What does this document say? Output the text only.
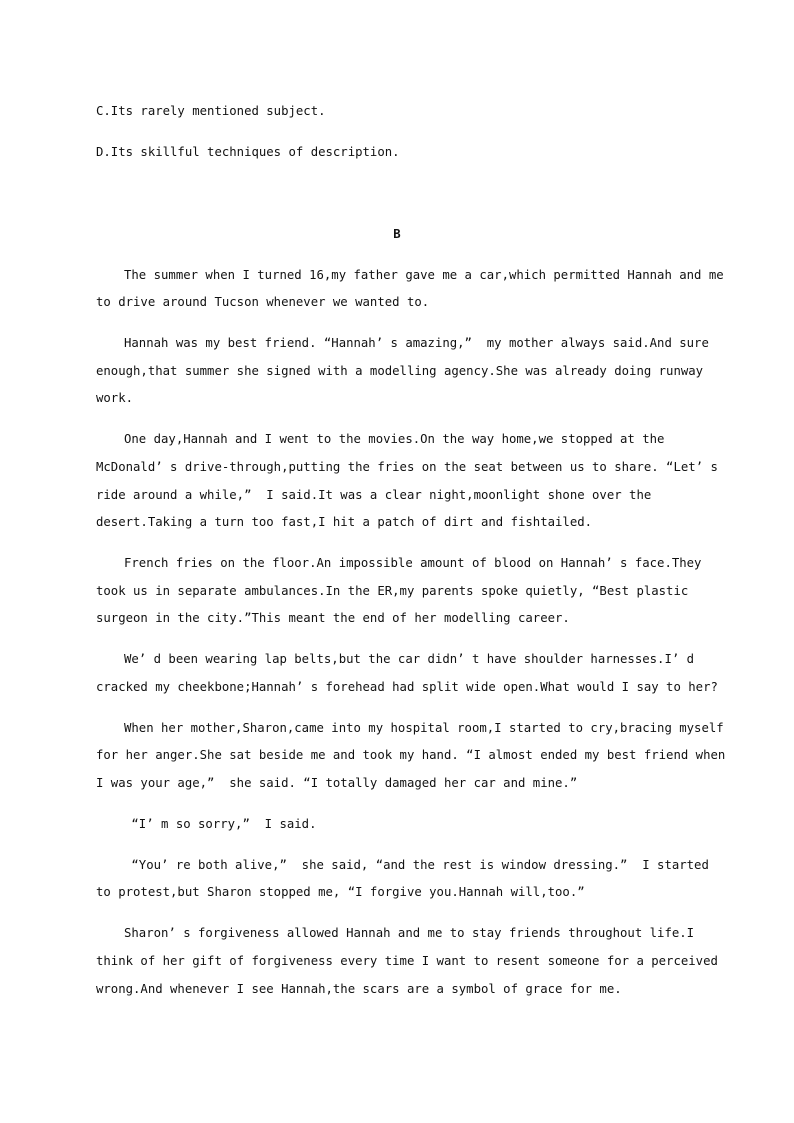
C.Its rarely mentioned subject.
D.Its skillful techniques of description.
B
The summer when I turned 16,my father gave me a car,which permitted Hannah and me
to drive around Tucson whenever we wanted to.
Hannah was my best friend. “Hannah’ s amazing,”  my mother always said.And sure
enough,that summer she signed with a modelling agency.She was already doing runway
work.
One day,Hannah and I went to the movies.On the way home,we stopped at the
McDonald’ s drive-through,putting the fries on the seat between us to share. “Let’ s
ride around a while,”  I said.It was a clear night,moonlight shone over the
desert.Taking a turn too fast,I hit a patch of dirt and fishtailed.
French fries on the floor.An impossible amount of blood on Hannah’ s face.They
took us in separate ambulances.In the ER,my parents spoke quietly, “Best plastic
surgeon in the city.”This meant the end of her modelling career.
We’ d been wearing lap belts,but the car didn’ t have shoulder harnesses.I’ d
cracked my cheekbone;Hannah’ s forehead had split wide open.What would I say to her?
When her mother,Sharon,came into my hospital room,I started to cry,bracing myself
for her anger.She sat beside me and took my hand. “I almost ended my best friend when
I was your age,”  she said. “I totally damaged her car and mine.”
“I’ m so sorry,”  I said.
“You’ re both alive,”  she said, “and the rest is window dressing.”  I started
to protest,but Sharon stopped me, “I forgive you.Hannah will,too.”
Sharon’ s forgiveness allowed Hannah and me to stay friends throughout life.I
think of her gift of forgiveness every time I want to resent someone for a perceived
wrong.And whenever I see Hannah,the scars are a symbol of grace for me.
